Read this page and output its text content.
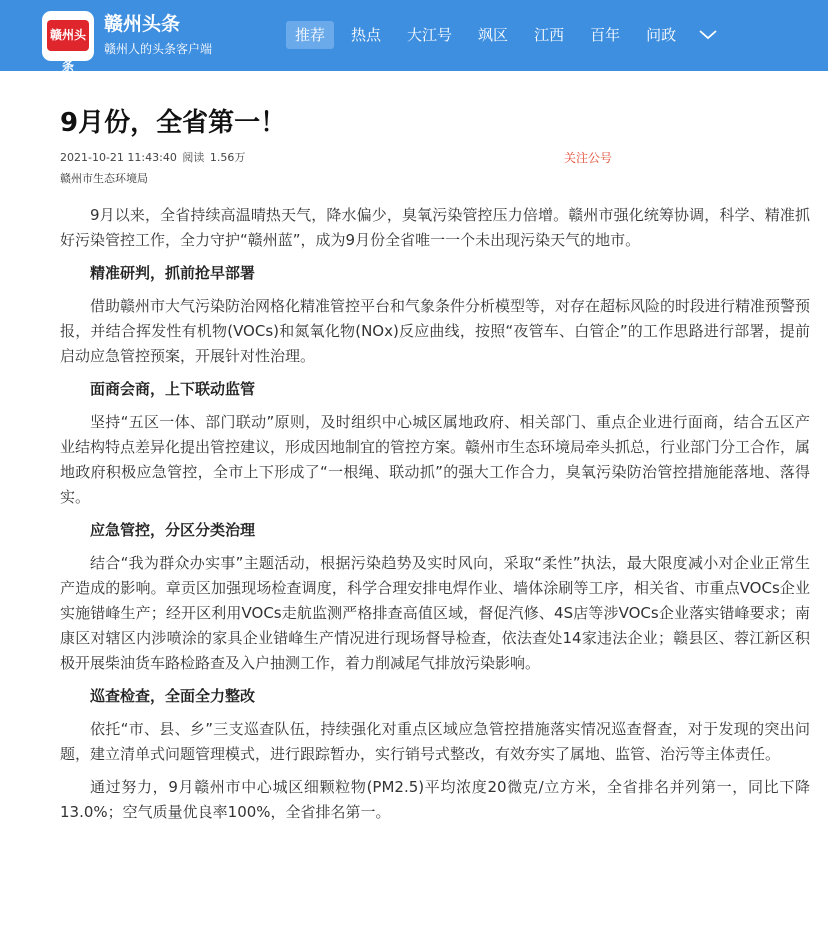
赣州头条
赣州头条
赣州人的头条客户端
推荐	热点	大江号	飒区	江西	百年	问政
9月份，全省第一！
2021-10-21 11:43:40 阅读 1.56万	关注公号
赣州市生态环境局

9月以来，全省持续高温晴热天气，降水偏少，臭氧污染管控压力倍增。赣州市强化统筹协调，科学、精准抓好污染管控工作，全力守护“赣州蓝”，成为9月份全省唯一一个未出现污染天气的地市。

精准研判，抓前抢早部署

借助赣州市大气污染防治网格化精准管控平台和气象条件分析模型等，对存在超标风险的时段进行精准预警预报，并结合挥发性有机物(VOCs)和氮氧化物(NOx)反应曲线，按照“夜管车、白管企”的工作思路进行部署，提前启动应急管控预案，开展针对性治理。

面商会商，上下联动监管

坚持“五区一体、部门联动”原则，及时组织中心城区属地政府、相关部门、重点企业进行面商，结合五区产业结构特点差异化提出管控建议，形成因地制宜的管控方案。赣州市生态环境局牵头抓总，行业部门分工合作，属地政府积极应急管控，全市上下形成了“一根绳、联动抓”的强大工作合力，臭氧污染防治管控措施能落地、落得实。

应急管控，分区分类治理

结合“我为群众办实事”主题活动，根据污染趋势及实时风向，采取“柔性”执法，最大限度减小对企业正常生产造成的影响。章贡区加强现场检查调度，科学合理安排电焊作业、墙体涂刷等工序，相关省、市重点VOCs企业实施错峰生产；经开区利用VOCs走航监测严格排查高值区域，督促汽修、4S店等涉VOCs企业落实错峰要求；南康区对辖区内涉喷涂的家具企业错峰生产情况进行现场督导检查，依法查处14家违法企业；赣县区、蓉江新区积极开展柴油货车路检路查及入户抽测工作，着力削减尾气排放污染影响。

巡查检查，全面全力整改

依托“市、县、乡”三支巡查队伍，持续强化对重点区域应急管控措施落实情况巡查督查，对于发现的突出问题，建立清单式问题管理模式，进行跟踪暂办，实行销号式整改，有效夯实了属地、监管、治污等主体责任。

通过努力，9月赣州市中心城区细颗粒物(PM2.5)平均浓度20微克/立方米，全省排名并列第一，同比下降13.0%；空气质量优良率100%，全省排名第一。
